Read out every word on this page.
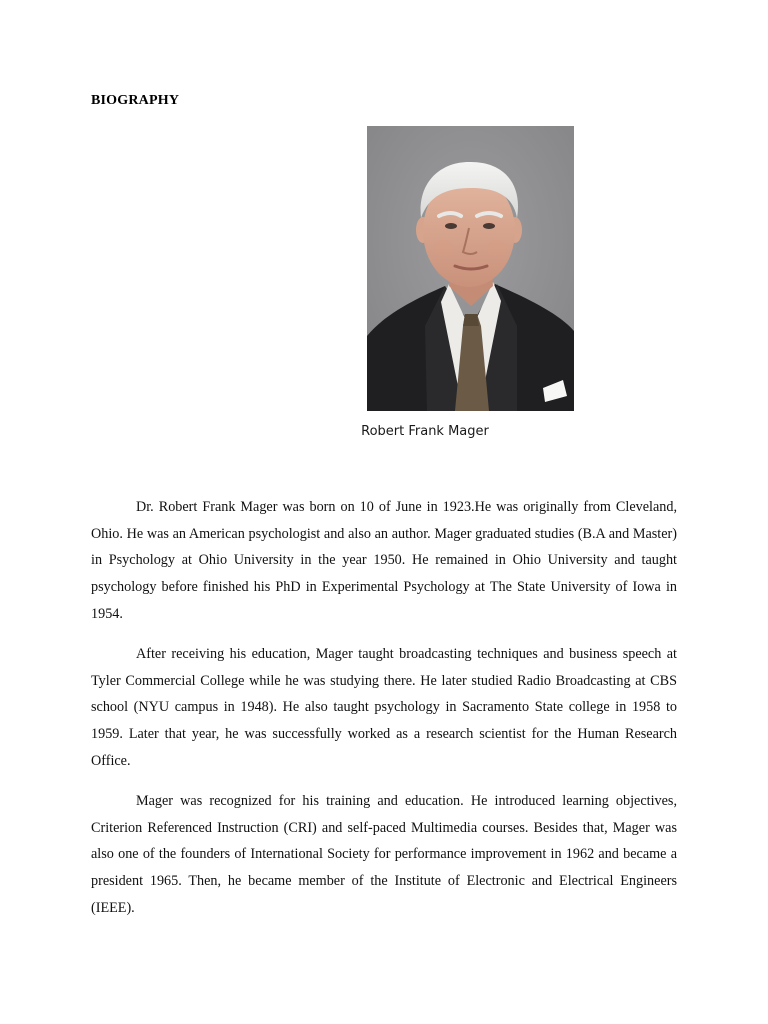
BIOGRAPHY
Robert Frank Mager

Dr. Robert Frank Mager was born on 10 of June in 1923.He was originally from Cleveland, Ohio. He was an American psychologist and also an author. Mager graduated studies (B.A and Master) in Psychology at Ohio University in the year 1950. He remained in Ohio University and taught psychology before finished his PhD in Experimental Psychology at The State University of Iowa in 1954.

After receiving his education, Mager taught broadcasting techniques and business speech at Tyler Commercial College while he was studying there. He later studied Radio Broadcasting at CBS school (NYU campus in 1948). He also taught psychology in Sacramento State college in 1958 to 1959. Later that year, he was successfully worked as a research scientist for the Human Research Office.

Mager was recognized for his training and education. He introduced learning objectives, Criterion Referenced Instruction (CRI) and self-paced Multimedia courses. Besides that, Mager was also one of the founders of International Society for performance improvement in 1962 and became a president 1965. Then, he became member of the Institute of Electronic and Electrical Engineers (IEEE).
